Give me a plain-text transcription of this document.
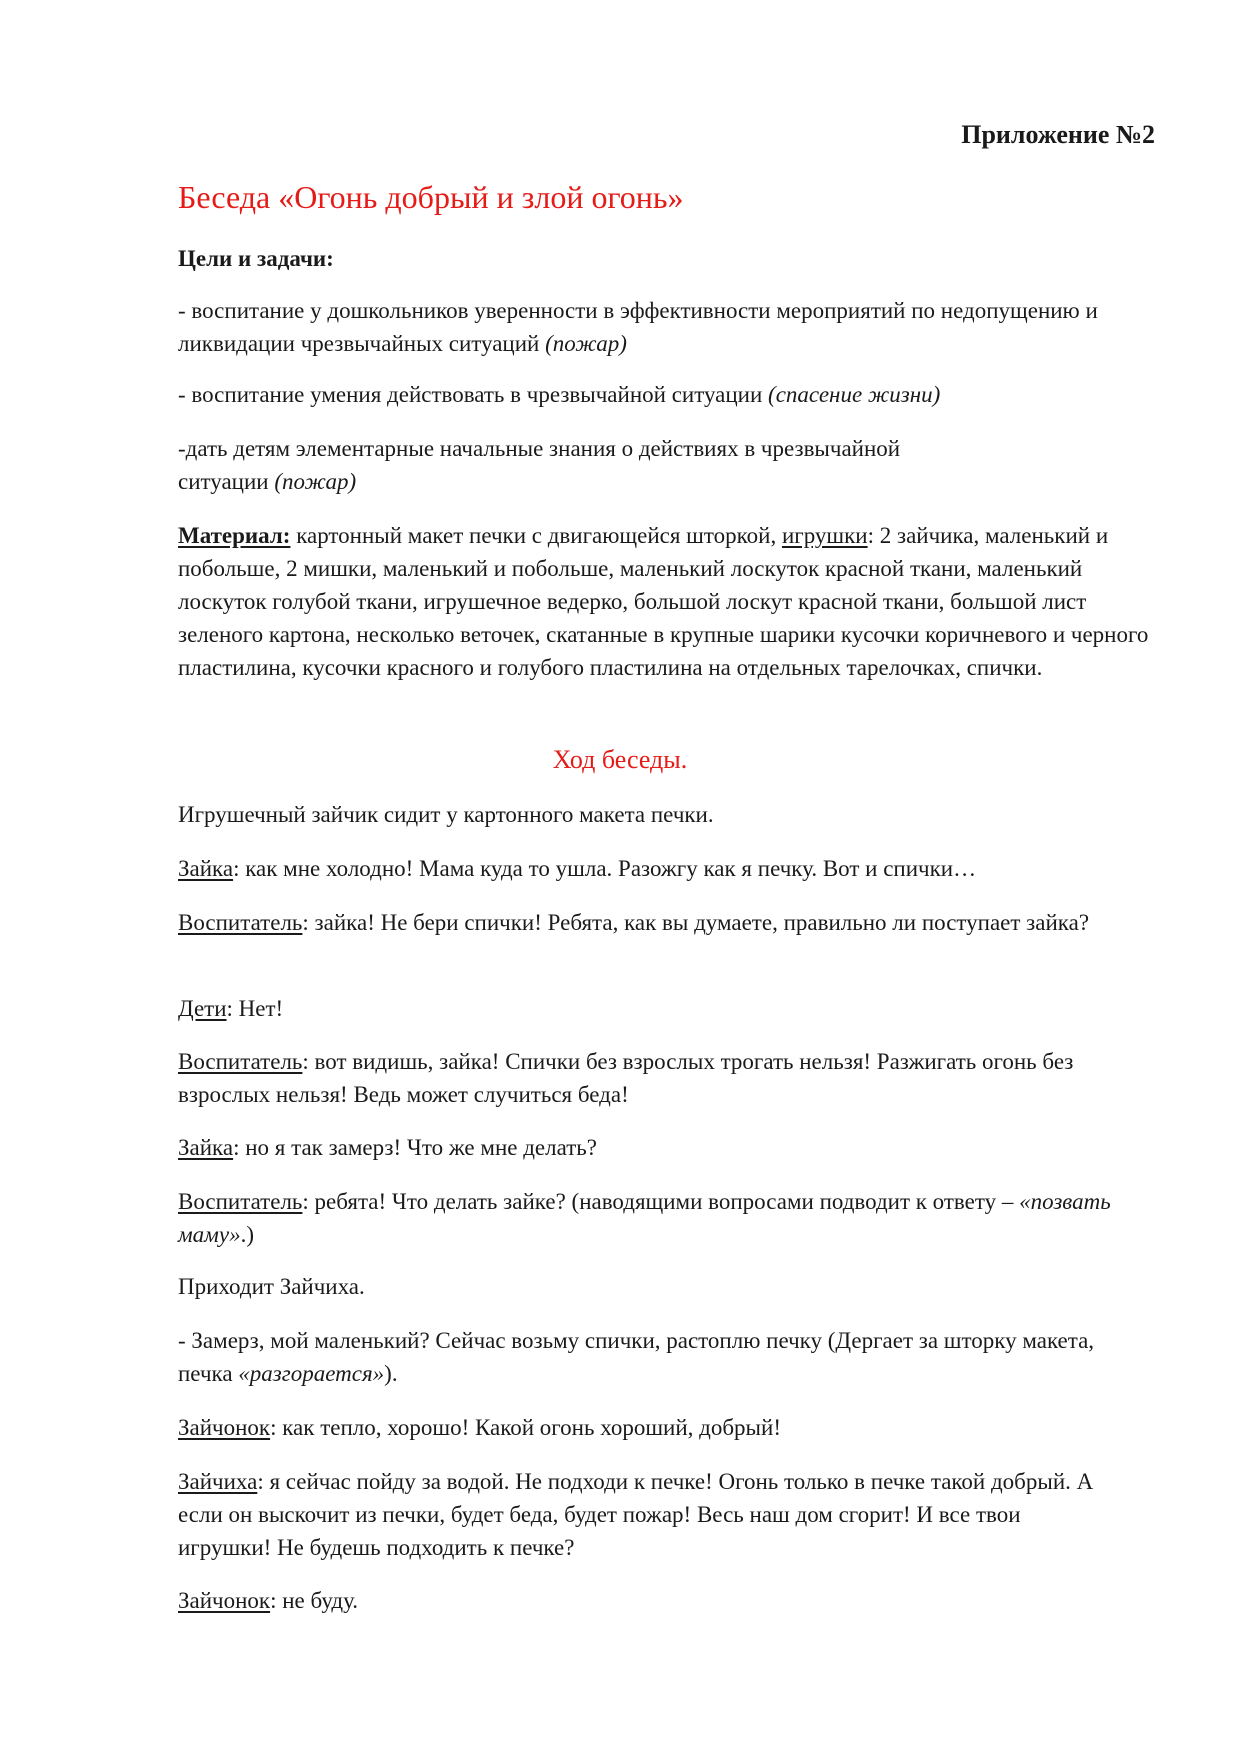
Приложение №2
Беседа «Огонь добрый и злой огонь»
Цели и задачи:

- воспитание у дошкольников уверенности в эффективности мероприятий по недопущению и ликвидации чрезвычайных ситуаций (пожар)

- воспитание умения действовать в чрезвычайной ситуации (спасение жизни)

-дать детям элементарные начальные знания о действиях в чрезвычайной ситуации (пожар)

Материал: картонный макет печки с двигающейся шторкой, игрушки: 2 зайчика, маленький и побольше, 2 мишки, маленький и побольше, маленький лоскуток красной ткани, маленький лоскуток голубой ткани, игрушечное ведерко, большой лоскут красной ткани, большой лист зеленого картона, несколько веточек, скатанные в крупные шарики кусочки коричневого и черного пластилина, кусочки красного и голубого пластилина на отдельных тарелочках, спички.

Ход беседы.

Игрушечный зайчик сидит у картонного макета печки.

Зайка: как мне холодно! Мама куда то ушла. Разожгу как я печку. Вот и спички…

Воспитатель: зайка! Не бери спички! Ребята, как вы думаете, правильно ли поступает зайка?

Дети: Нет!

Воспитатель: вот видишь, зайка! Спички без взрослых трогать нельзя! Разжигать огонь без взрослых нельзя! Ведь может случиться беда!

Зайка: но я так замерз! Что же мне делать?

Воспитатель: ребята! Что делать зайке? (наводящими вопросами подводит к ответу – «позвать маму».)

Приходит Зайчиха.

- Замерз, мой маленький? Сейчас возьму спички, растоплю печку (Дергает за шторку макета, печка «разгорается»).

Зайчонок: как тепло, хорошо! Какой огонь хороший, добрый!

Зайчиха: я сейчас пойду за водой. Не подходи к печке! Огонь только в печке такой добрый. А если он выскочит из печки, будет беда, будет пожар! Весь наш дом сгорит! И все твои игрушки! Не будешь подходить к печке?

Зайчонок: не буду.
